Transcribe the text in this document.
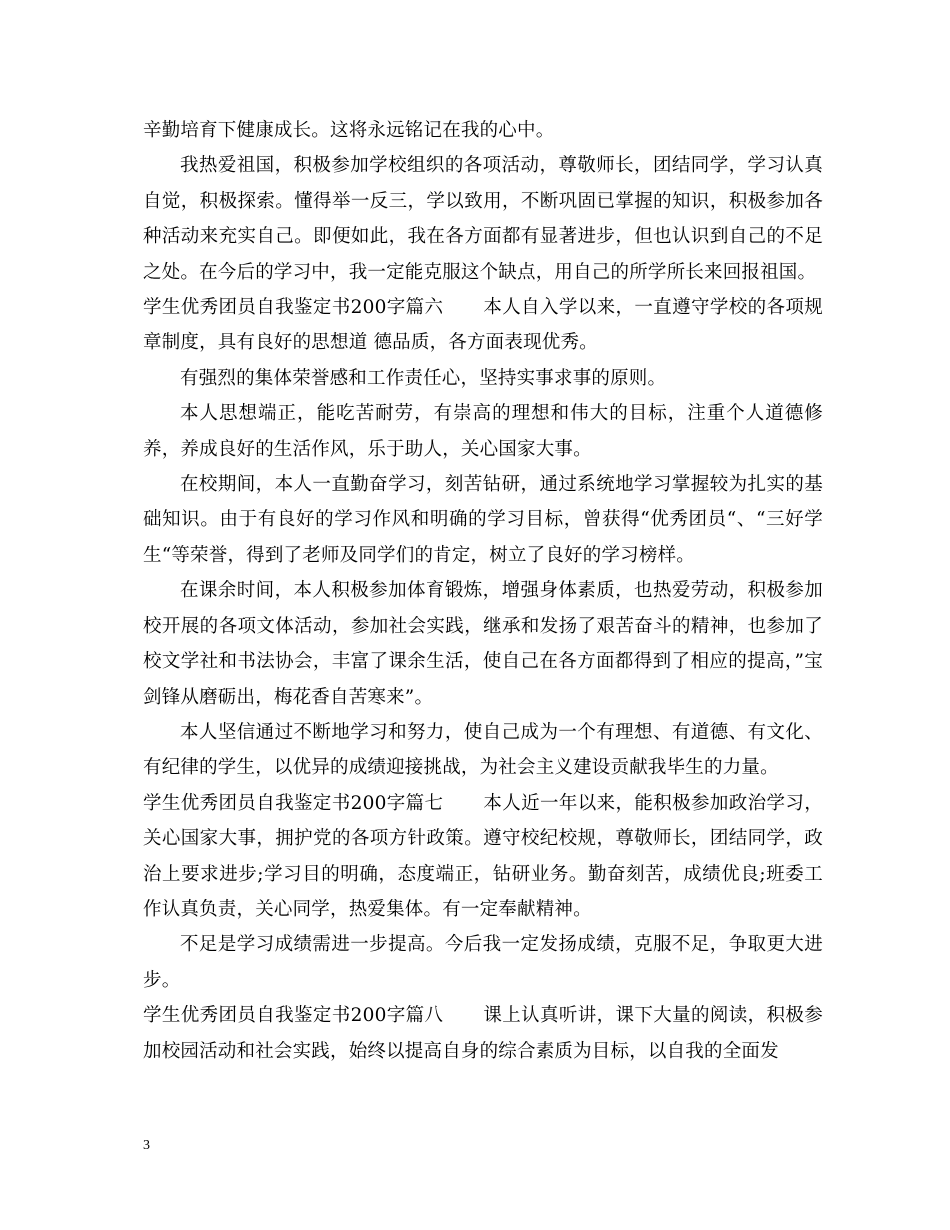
辛勤培育下健康成长。这将永远铭记在我的心中。

我热爱祖国，积极参加学校组织的各项活动，尊敬师长，团结同学，学习认真自觉，积极探索。懂得举一反三，学以致用，不断巩固已掌握的知识，积极参加各种活动来充实自己。即便如此，我在各方面都有显著进步，但也认识到自己的不足之处。在今后的学习中，我一定能克服这个缺点，用自己的所学所长来回报祖国。

学生优秀团员自我鉴定书200字篇六 本人自入学以来，一直遵守学校的各项规章制度，具有良好的思想道 德品质，各方面表现优秀。

有强烈的集体荣誉感和工作责任心，坚持实事求事的原则。

本人思想端正，能吃苦耐劳，有崇高的理想和伟大的目标，注重个人道德修养，养成良好的生活作风，乐于助人，关心国家大事。

在校期间，本人一直勤奋学习，刻苦钻研，通过系统地学习掌握较为扎实的基础知识。由于有良好的学习作风和明确的学习目标，曾获得“优秀团员“、“三好学生“等荣誉，得到了老师及同学们的肯定，树立了良好的学习榜样。

在课余时间，本人积极参加体育锻炼，增强身体素质，也热爱劳动，积极参加校开展的各项文体活动，参加社会实践，继承和发扬了艰苦奋斗的精神，也参加了校文学社和书法协会，丰富了课余生活，使自己在各方面都得到了相应的提高，”宝剑锋从磨砺出，梅花香自苦寒来”。

本人坚信通过不断地学习和努力，使自己成为一个有理想、有道德、有文化、有纪律的学生，以优异的成绩迎接挑战，为社会主义建设贡献我毕生的力量。

学生优秀团员自我鉴定书200字篇七 本人近一年以来，能积极参加政治学习，关心国家大事，拥护党的各项方针政策。遵守校纪校规，尊敬师长，团结同学，政治上要求进步;学习目的明确，态度端正，钻研业务。勤奋刻苦，成绩优良;班委工作认真负责，关心同学，热爱集体。有一定奉献精神。

不足是学习成绩需进一步提高。今后我一定发扬成绩，克服不足，争取更大进步。

学生优秀团员自我鉴定书200字篇八 课上认真听讲，课下大量的阅读，积极参加校园活动和社会实践，始终以提高自身的综合素质为目标，以自我的全面发

3
